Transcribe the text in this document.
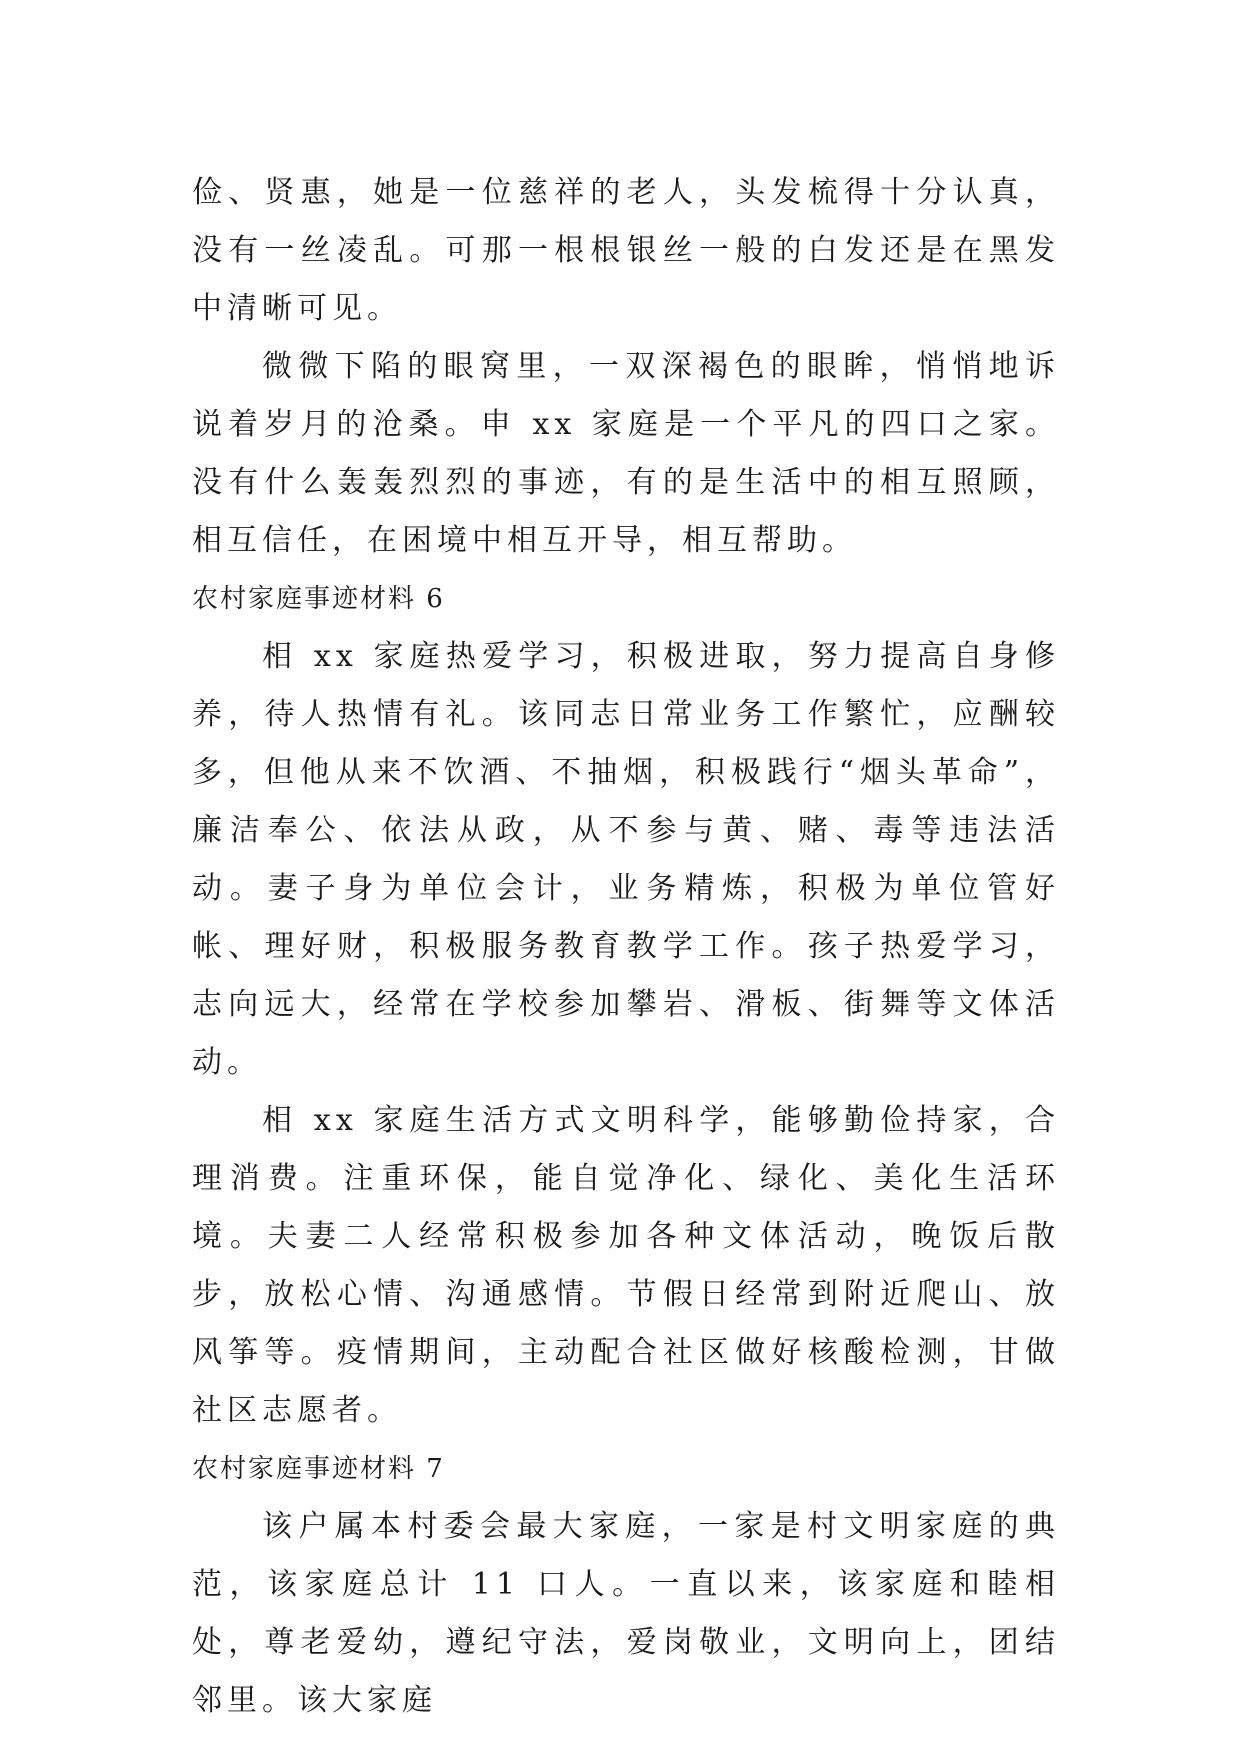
俭、贤惠，她是一位慈祥的老人，头发梳得十分认真，没有一丝凌乱。可那一根根银丝一般的白发还是在黑发中清晰可见。

微微下陷的眼窝里，一双深褐色的眼眸，悄悄地诉说着岁月的沧桑。申 xx 家庭是一个平凡的四口之家。没有什么轰轰烈烈的事迹，有的是生活中的相互照顾，相互信任，在困境中相互开导，相互帮助。

农村家庭事迹材料 6

相 xx 家庭热爱学习，积极进取，努力提高自身修养，待人热情有礼。该同志日常业务工作繁忙，应酬较多，但他从来不饮酒、不抽烟，积极践行“烟头革命”，廉洁奉公、依法从政，从不参与黄、赌、毒等违法活动。妻子身为单位会计，业务精炼，积极为单位管好帐、理好财，积极服务教育教学工作。孩子热爱学习，志向远大，经常在学校参加攀岩、滑板、街舞等文体活动。

相 xx 家庭生活方式文明科学，能够勤俭持家，合理消费。注重环保，能自觉净化、绿化、美化生活环境。夫妻二人经常积极参加各种文体活动，晚饭后散步，放松心情、沟通感情。节假日经常到附近爬山、放风筝等。疫情期间，主动配合社区做好核酸检测，甘做社区志愿者。

农村家庭事迹材料 7

该户属本村委会最大家庭，一家是村文明家庭的典范，该家庭总计 11 口人。一直以来，该家庭和睦相处，尊老爱幼，遵纪守法，爱岗敬业，文明向上，团结邻里。该大家庭
